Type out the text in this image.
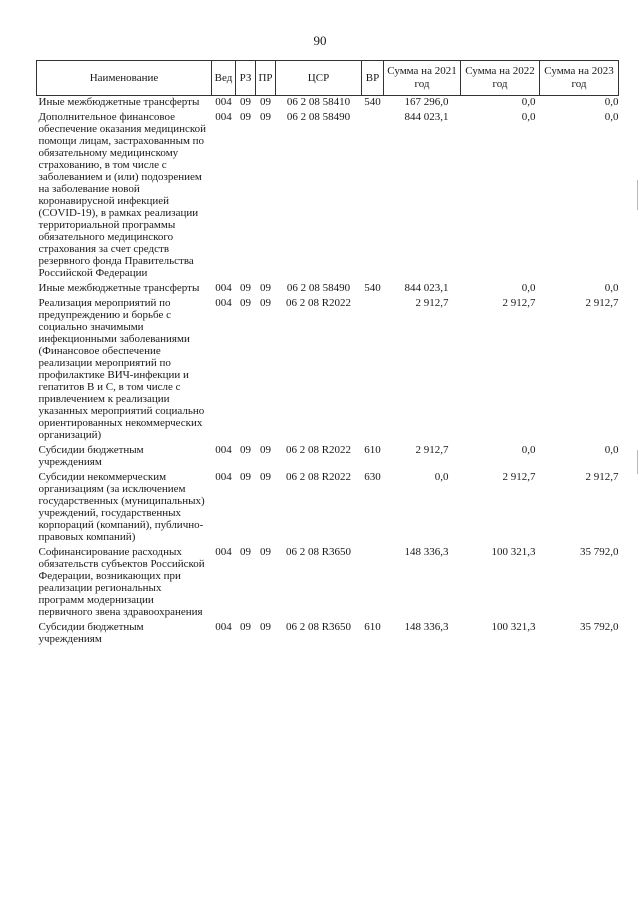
90
Наименование	Вед	РЗ	ПР	ЦСР	ВР	Сумма на 2021 год	Сумма на 2022 год	Сумма на 2023 год
Иные межбюджетные трансферты	004	09	09	06 2 08 58410	540	167 296,0	0,0	0,0
Дополнительное финансовое обеспечение оказания медицинской помощи лицам, застрахованным по обязательному медицинскому страхованию, в том числе с заболеванием и (или) подозрением на заболевание новой коронавирусной инфекцией (COVID-19), в рамках реализации территориальной программы обязательного медицинского страхования за счет средств резервного фонда Правительства Российской Федерации	004	09	09	06 2 08 58490		844 023,1	0,0	0,0
Иные межбюджетные трансферты	004	09	09	06 2 08 58490	540	844 023,1	0,0	0,0
Реализация мероприятий по предупреждению и борьбе с социально значимыми инфекционными заболеваниями (Финансовое обеспечение реализации мероприятий по профилактике ВИЧ-инфекции и гепатитов B и C, в том числе с привлечением к реализации указанных мероприятий социально ориентированных некоммерческих организаций)	004	09	09	06 2 08 R2022		2 912,7	2 912,7	2 912,7
Субсидии бюджетным учреждениям	004	09	09	06 2 08 R2022	610	2 912,7	0,0	0,0
Субсидии некоммерческим организациям (за исключением государственных (муниципальных) учреждений, государственных корпораций (компаний), публично-правовых компаний)	004	09	09	06 2 08 R2022	630	0,0	2 912,7	2 912,7
Софинансирование расходных обязательств субъектов Российской Федерации, возникающих при реализации региональных программ модернизации первичного звена здравоохранения	004	09	09	06 2 08 R3650		148 336,3	100 321,3	35 792,0
Субсидии бюджетным учреждениям	004	09	09	06 2 08 R3650	610	148 336,3	100 321,3	35 792,0
